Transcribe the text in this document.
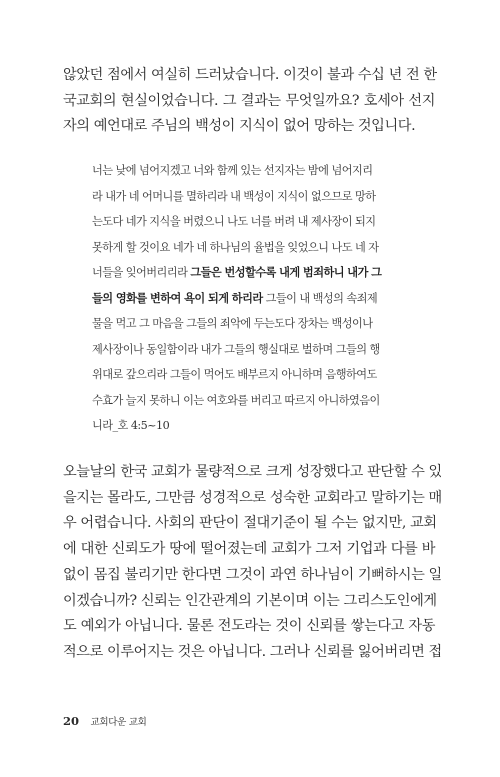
않았던 점에서 여실히 드러났습니다. 이것이 불과 수십 년 전 한
국교회의 현실이었습니다. 그 결과는 무엇일까요? 호세아 선지
자의 예언대로 주님의 백성이 지식이 없어 망하는 것입니다.
너는 낮에 넘어지겠고 너와 함께 있는 선지자는 밤에 넘어지리
라 내가 네 어머니를 멸하리라 내 백성이 지식이 없으므로 망하
는도다 네가 지식을 버렸으니 나도 너를 버려 내 제사장이 되지
못하게 할 것이요 네가 네 하나님의 율법을 잊었으니 나도 네 자
너들을 잊어버리리라 그들은 번성할수록 내게 범죄하니 내가 그
들의 영화를 변하여 욕이 되게 하리라 그들이 내 백성의 속죄제
물을 먹고 그 마음을 그들의 죄악에 두는도다 장차는 백성이나
제사장이나 동일함이라 내가 그들의 행실대로 벌하며 그들의 행
위대로 갚으리라 그들이 먹어도 배부르지 아니하며 음행하여도
수효가 늘지 못하니 이는 여호와를 버리고 따르지 아니하였음이
니라_호 4:5~10
오늘날의 한국 교회가 물량적으로 크게 성장했다고 판단할 수 있
을지는 몰라도, 그만큼 성경적으로 성숙한 교회라고 말하기는 매
우 어렵습니다. 사회의 판단이 절대기준이 될 수는 없지만, 교회
에 대한 신뢰도가 땅에 떨어졌는데 교회가 그저 기업과 다를 바
없이 몸집 불리기만 한다면 그것이 과연 하나님이 기뻐하시는 일
이겠습니까? 신뢰는 인간관계의 기본이며 이는 그리스도인에게
도 예외가 아닙니다. 물론 전도라는 것이 신뢰를 쌓는다고 자동
적으로 이루어지는 것은 아닙니다. 그러나 신뢰를 잃어버리면 접
20 교회다운 교회
